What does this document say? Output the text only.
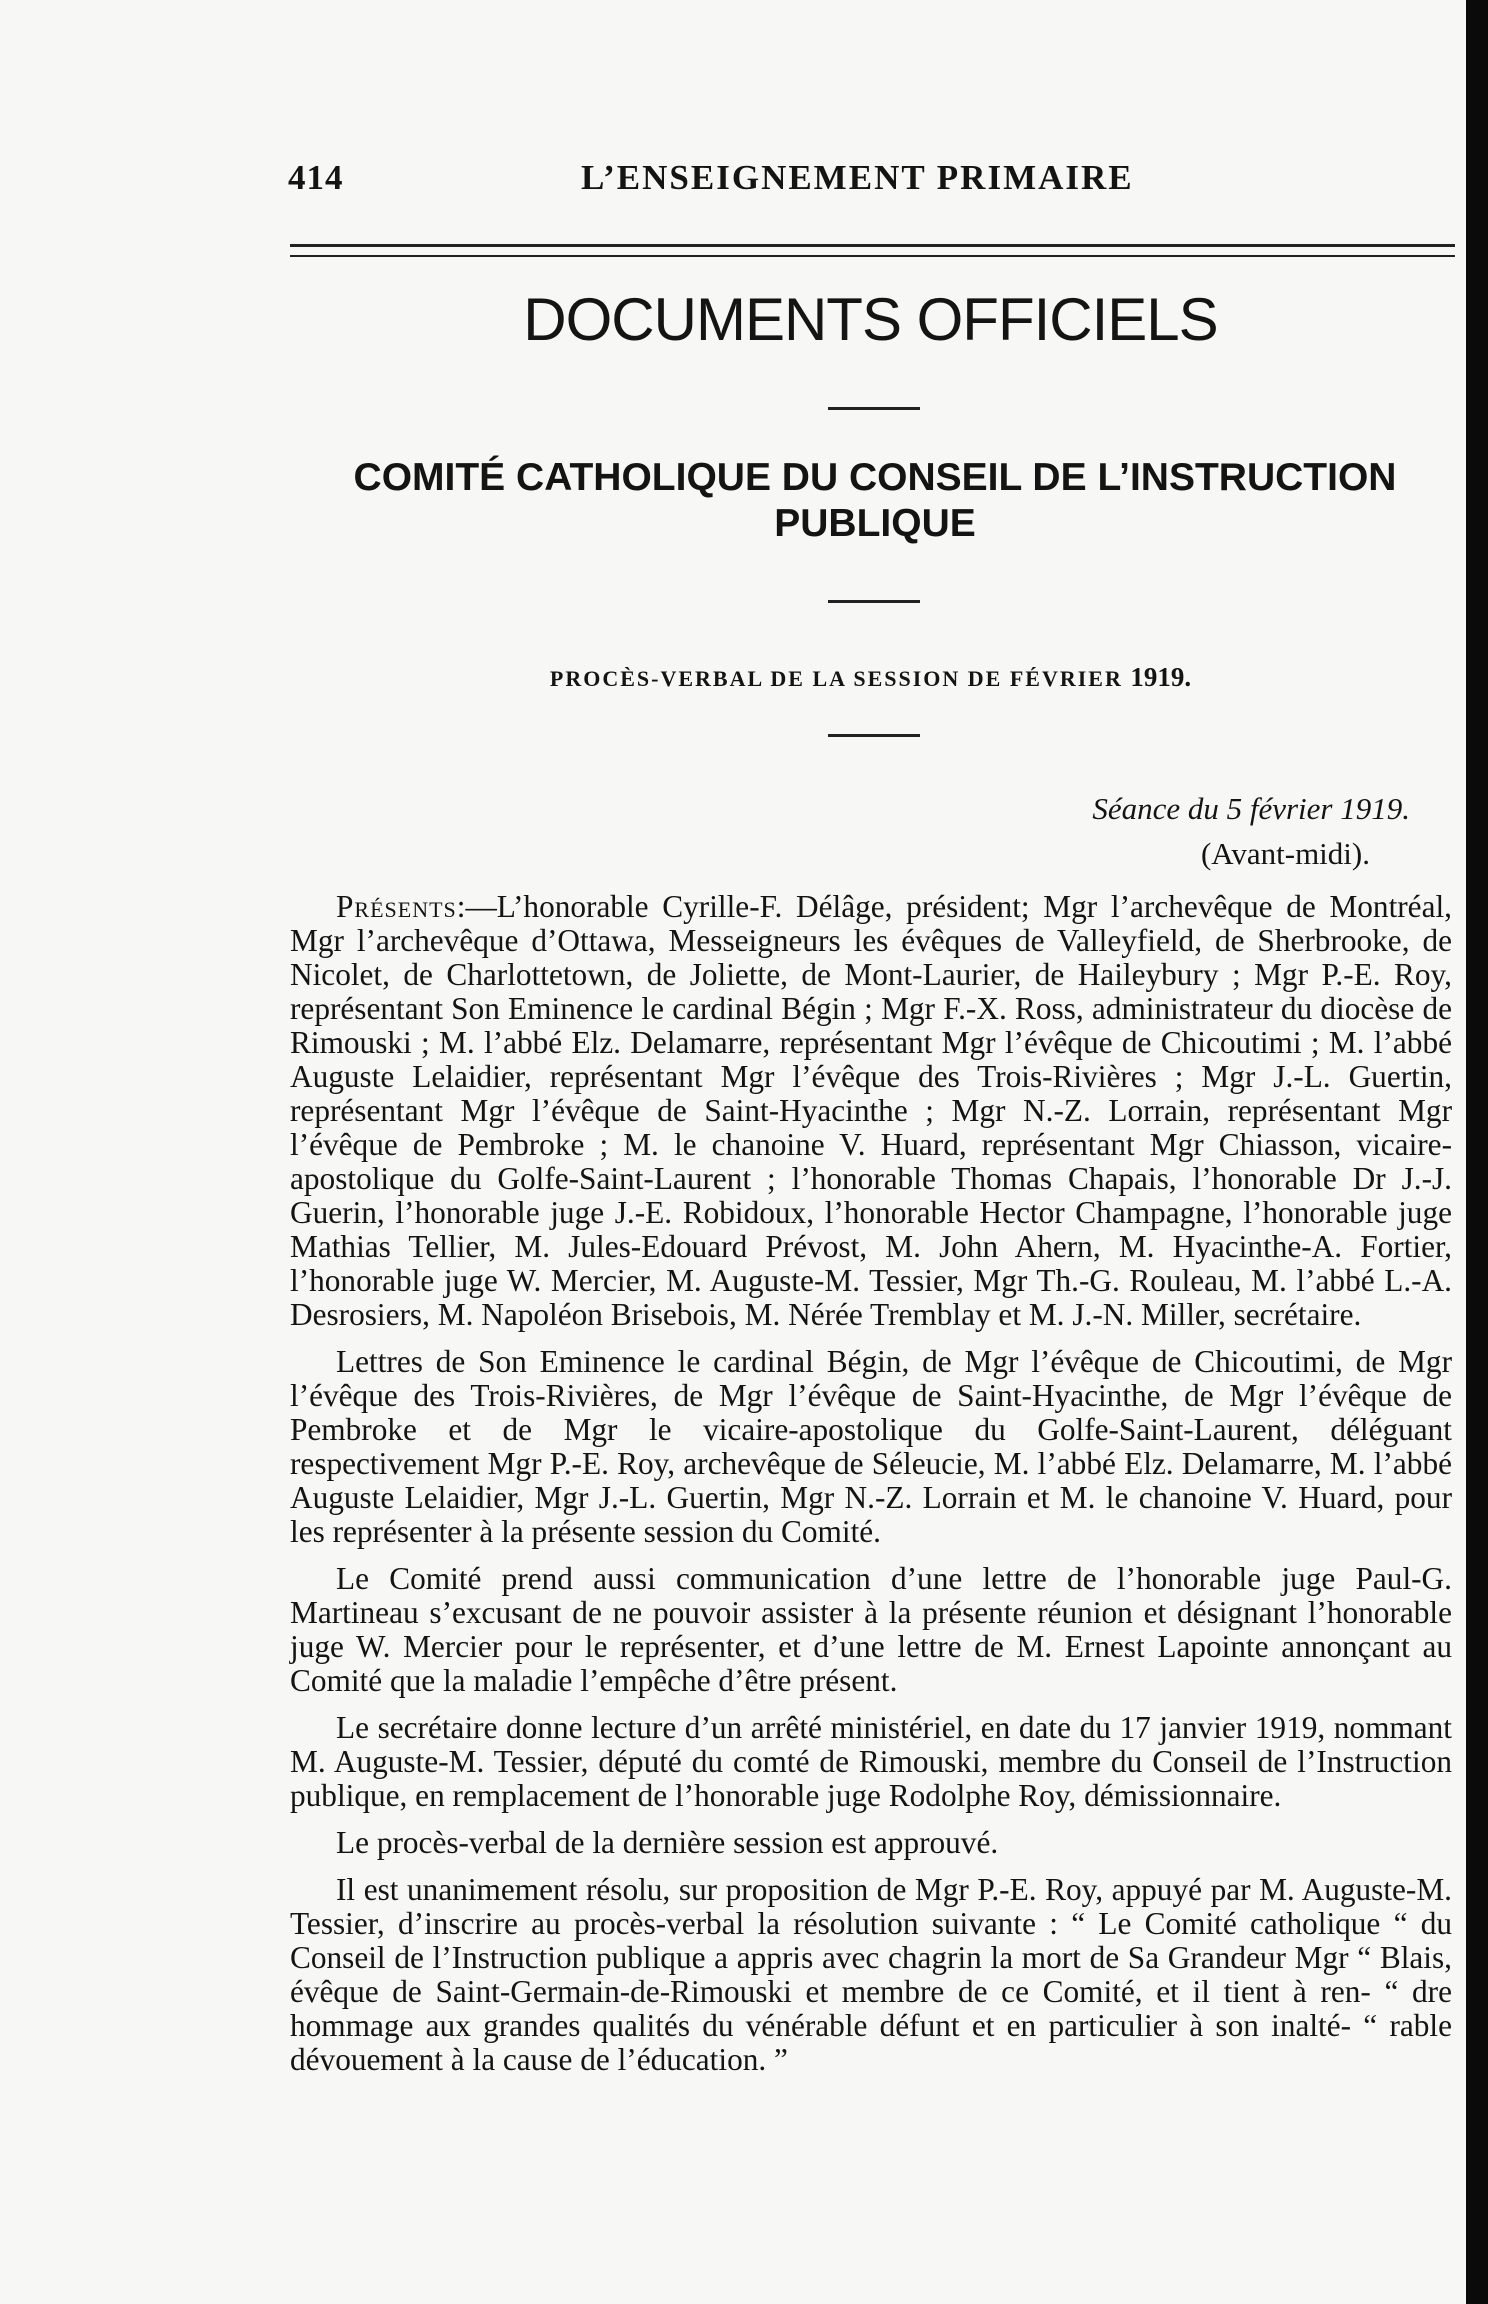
414	L’ENSEIGNEMENT PRIMAIRE
DOCUMENTS OFFICIELS
COMITÉ CATHOLIQUE DU CONSEIL DE L’INSTRUCTION
PUBLIQUE
PROCÈS-VERBAL DE LA SESSION DE FÉVRIER 1919.
Séance du 5 février 1919.
(Avant-midi).

Présents:—L’honorable Cyrille-F. Délâge, président; Mgr l’archevêque de Montréal, Mgr l’archevêque d’Ottawa, Messeigneurs les évêques de Valleyfield, de Sherbrooke, de Nicolet, de Charlottetown, de Joliette, de Mont-Laurier, de Haileybury ; Mgr P.-E. Roy, représentant Son Eminence le cardinal Bégin ; Mgr F.-X. Ross, administrateur du diocèse de Rimouski ; M. l’abbé Elz. Delamarre, représentant Mgr l’évêque de Chicoutimi ; M. l’abbé Auguste Lelaidier, représentant Mgr l’évêque des Trois-Rivières ; Mgr J.-L. Guertin, représentant Mgr l’évêque de Saint-Hyacinthe ; Mgr N.-Z. Lorrain, représentant Mgr l’évêque de Pembroke ; M. le chanoine V. Huard, représentant Mgr Chiasson, vicaire-apostolique du Golfe-Saint-Laurent ; l’honorable Thomas Chapais, l’honorable Dr J.-J. Guerin, l’honorable juge J.-E. Robidoux, l’honorable Hector Champagne, l’honorable juge Mathias Tellier, M. Jules-Edouard Prévost, M. John Ahern, M. Hyacinthe-A. Fortier, l’honorable juge W. Mercier, M. Auguste-M. Tessier, Mgr Th.-G. Rouleau, M. l’abbé L.-A. Desrosiers, M. Napoléon Brisebois, M. Nérée Tremblay et M. J.-N. Miller, secrétaire.

Lettres de Son Eminence le cardinal Bégin, de Mgr l’évêque de Chicoutimi, de Mgr l’évêque des Trois-Rivières, de Mgr l’évêque de Saint-Hyacinthe, de Mgr l’évêque de Pembroke et de Mgr le vicaire-apostolique du Golfe-Saint-Laurent, déléguant respectivement Mgr P.-E. Roy, archevêque de Séleucie, M. l’abbé Elz. Delamarre, M. l’abbé Auguste Lelaidier, Mgr J.-L. Guertin, Mgr N.-Z. Lorrain et M. le chanoine V. Huard, pour les représenter à la présente session du Comité.

Le Comité prend aussi communication d’une lettre de l’honorable juge Paul-G. Martineau s’excusant de ne pouvoir assister à la présente réunion et désignant l’honorable juge W. Mercier pour le représenter, et d’une lettre de M. Ernest Lapointe annonçant au Comité que la maladie l’empêche d’être présent.

Le secrétaire donne lecture d’un arrêté ministériel, en date du 17 janvier 1919, nommant M. Auguste-M. Tessier, député du comté de Rimouski, membre du Conseil de l’Instruction publique, en remplacement de l’honorable juge Rodolphe Roy, démissionnaire.

Le procès-verbal de la dernière session est approuvé.

Il est unanimement résolu, sur proposition de Mgr P.-E. Roy, appuyé par M. Auguste-M. Tessier, d’inscrire au procès-verbal la résolution suivante : “ Le Comité catholique “ du Conseil de l’Instruction publique a appris avec chagrin la mort de Sa Grandeur Mgr “ Blais, évêque de Saint-Germain-de-Rimouski et membre de ce Comité, et il tient à ren- “ dre hommage aux grandes qualités du vénérable défunt et en particulier à son inalté- “ rable dévouement à la cause de l’éducation. ”
